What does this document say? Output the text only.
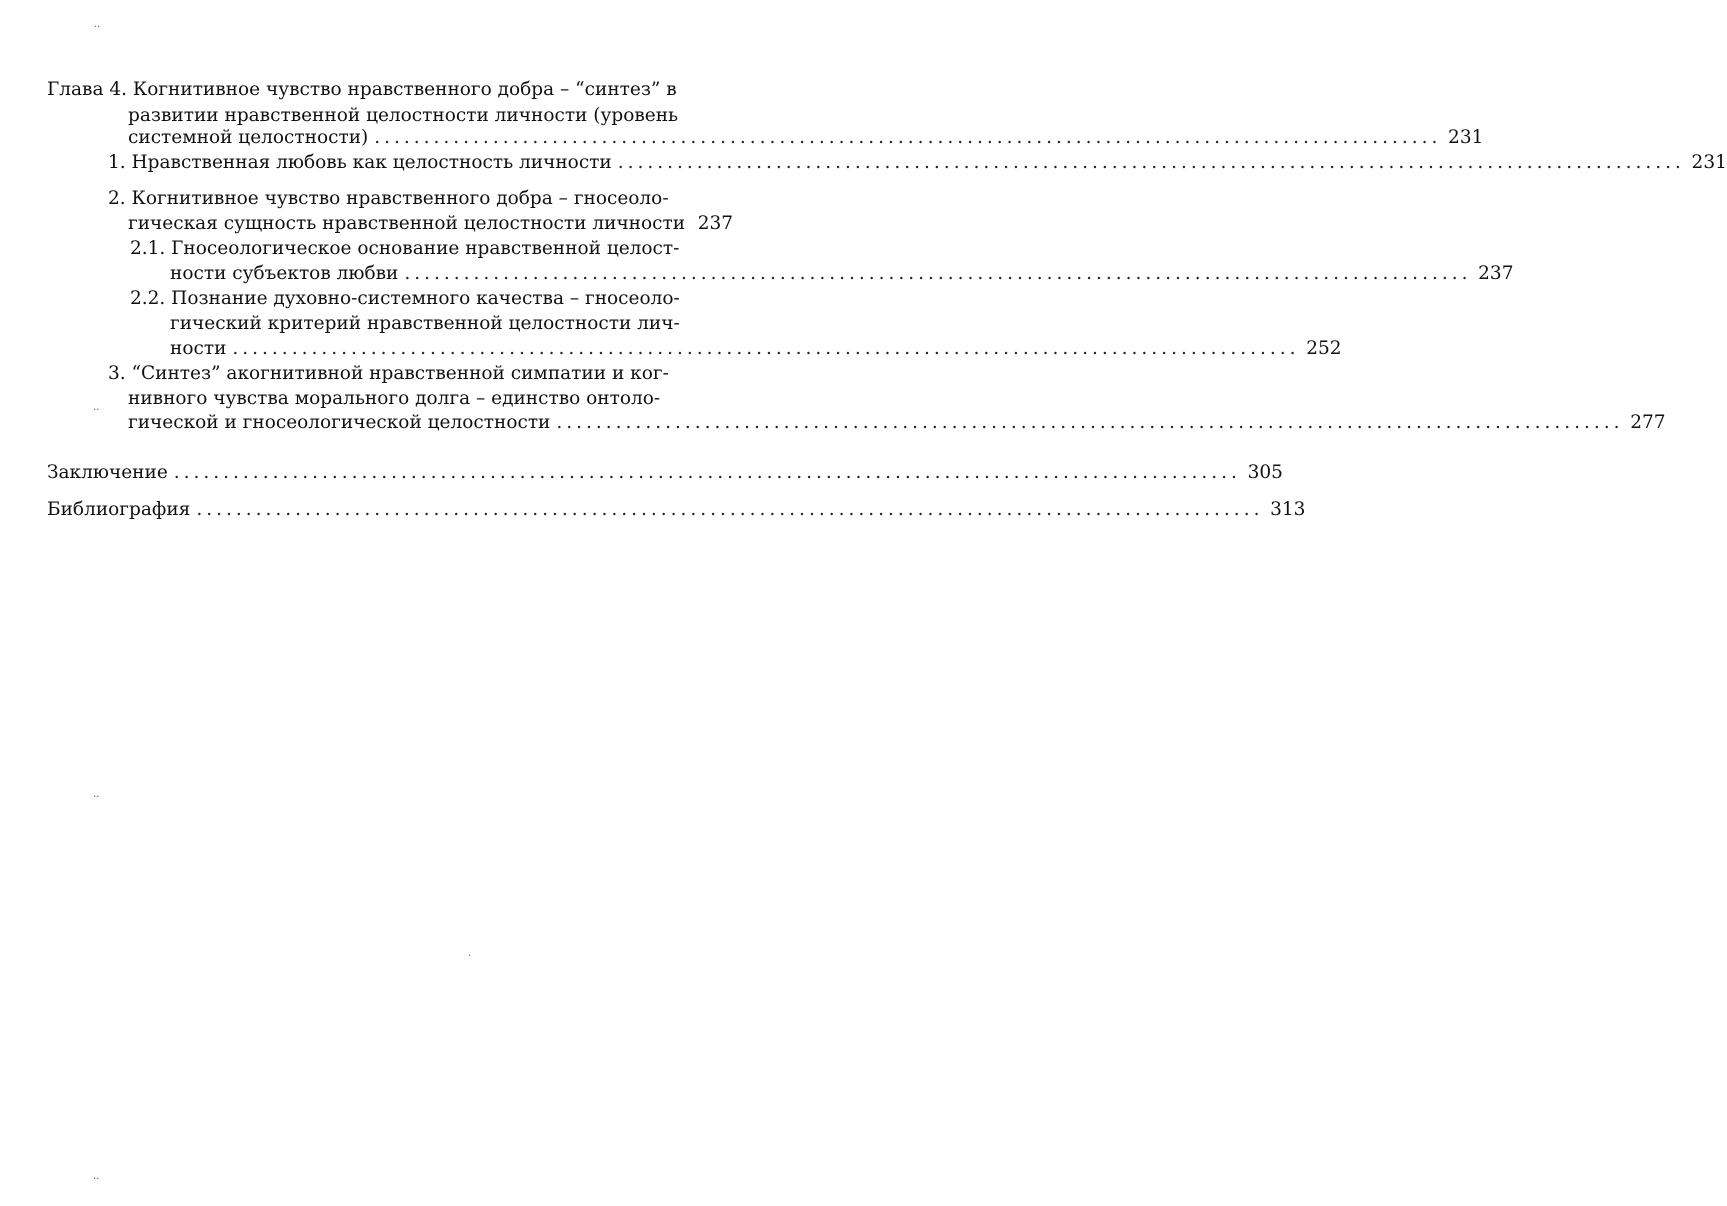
Глава 4. Когнитивное чувство нравственного добра – “синтез” в
развитии нравственной целостности личности (уровень
системной целостности) ............................................................................................................ 231
1. Нравственная любовь как целостность личности ............................................................................................................ 231
2. Когнитивное чувство нравственного добра – гносеоло-
гическая сущность нравственной целостности личности 237
2.1. Гносеологическое основание нравственной целост-
ности субъектов любви ............................................................................................................ 237
2.2. Познание духовно-системного качества – гносеоло-
гический критерий нравственной целостности лич-
ности ............................................................................................................ 252
3. “Синтез” акогнитивной нравственной симпатии и ког-
нивного чувства морального долга – единство онтоло-
гической и гносеологической целостности ............................................................................................................ 277
Заключение ............................................................................................................ 305
Библиография ............................................................................................................ 313
..
..
..
·
..
